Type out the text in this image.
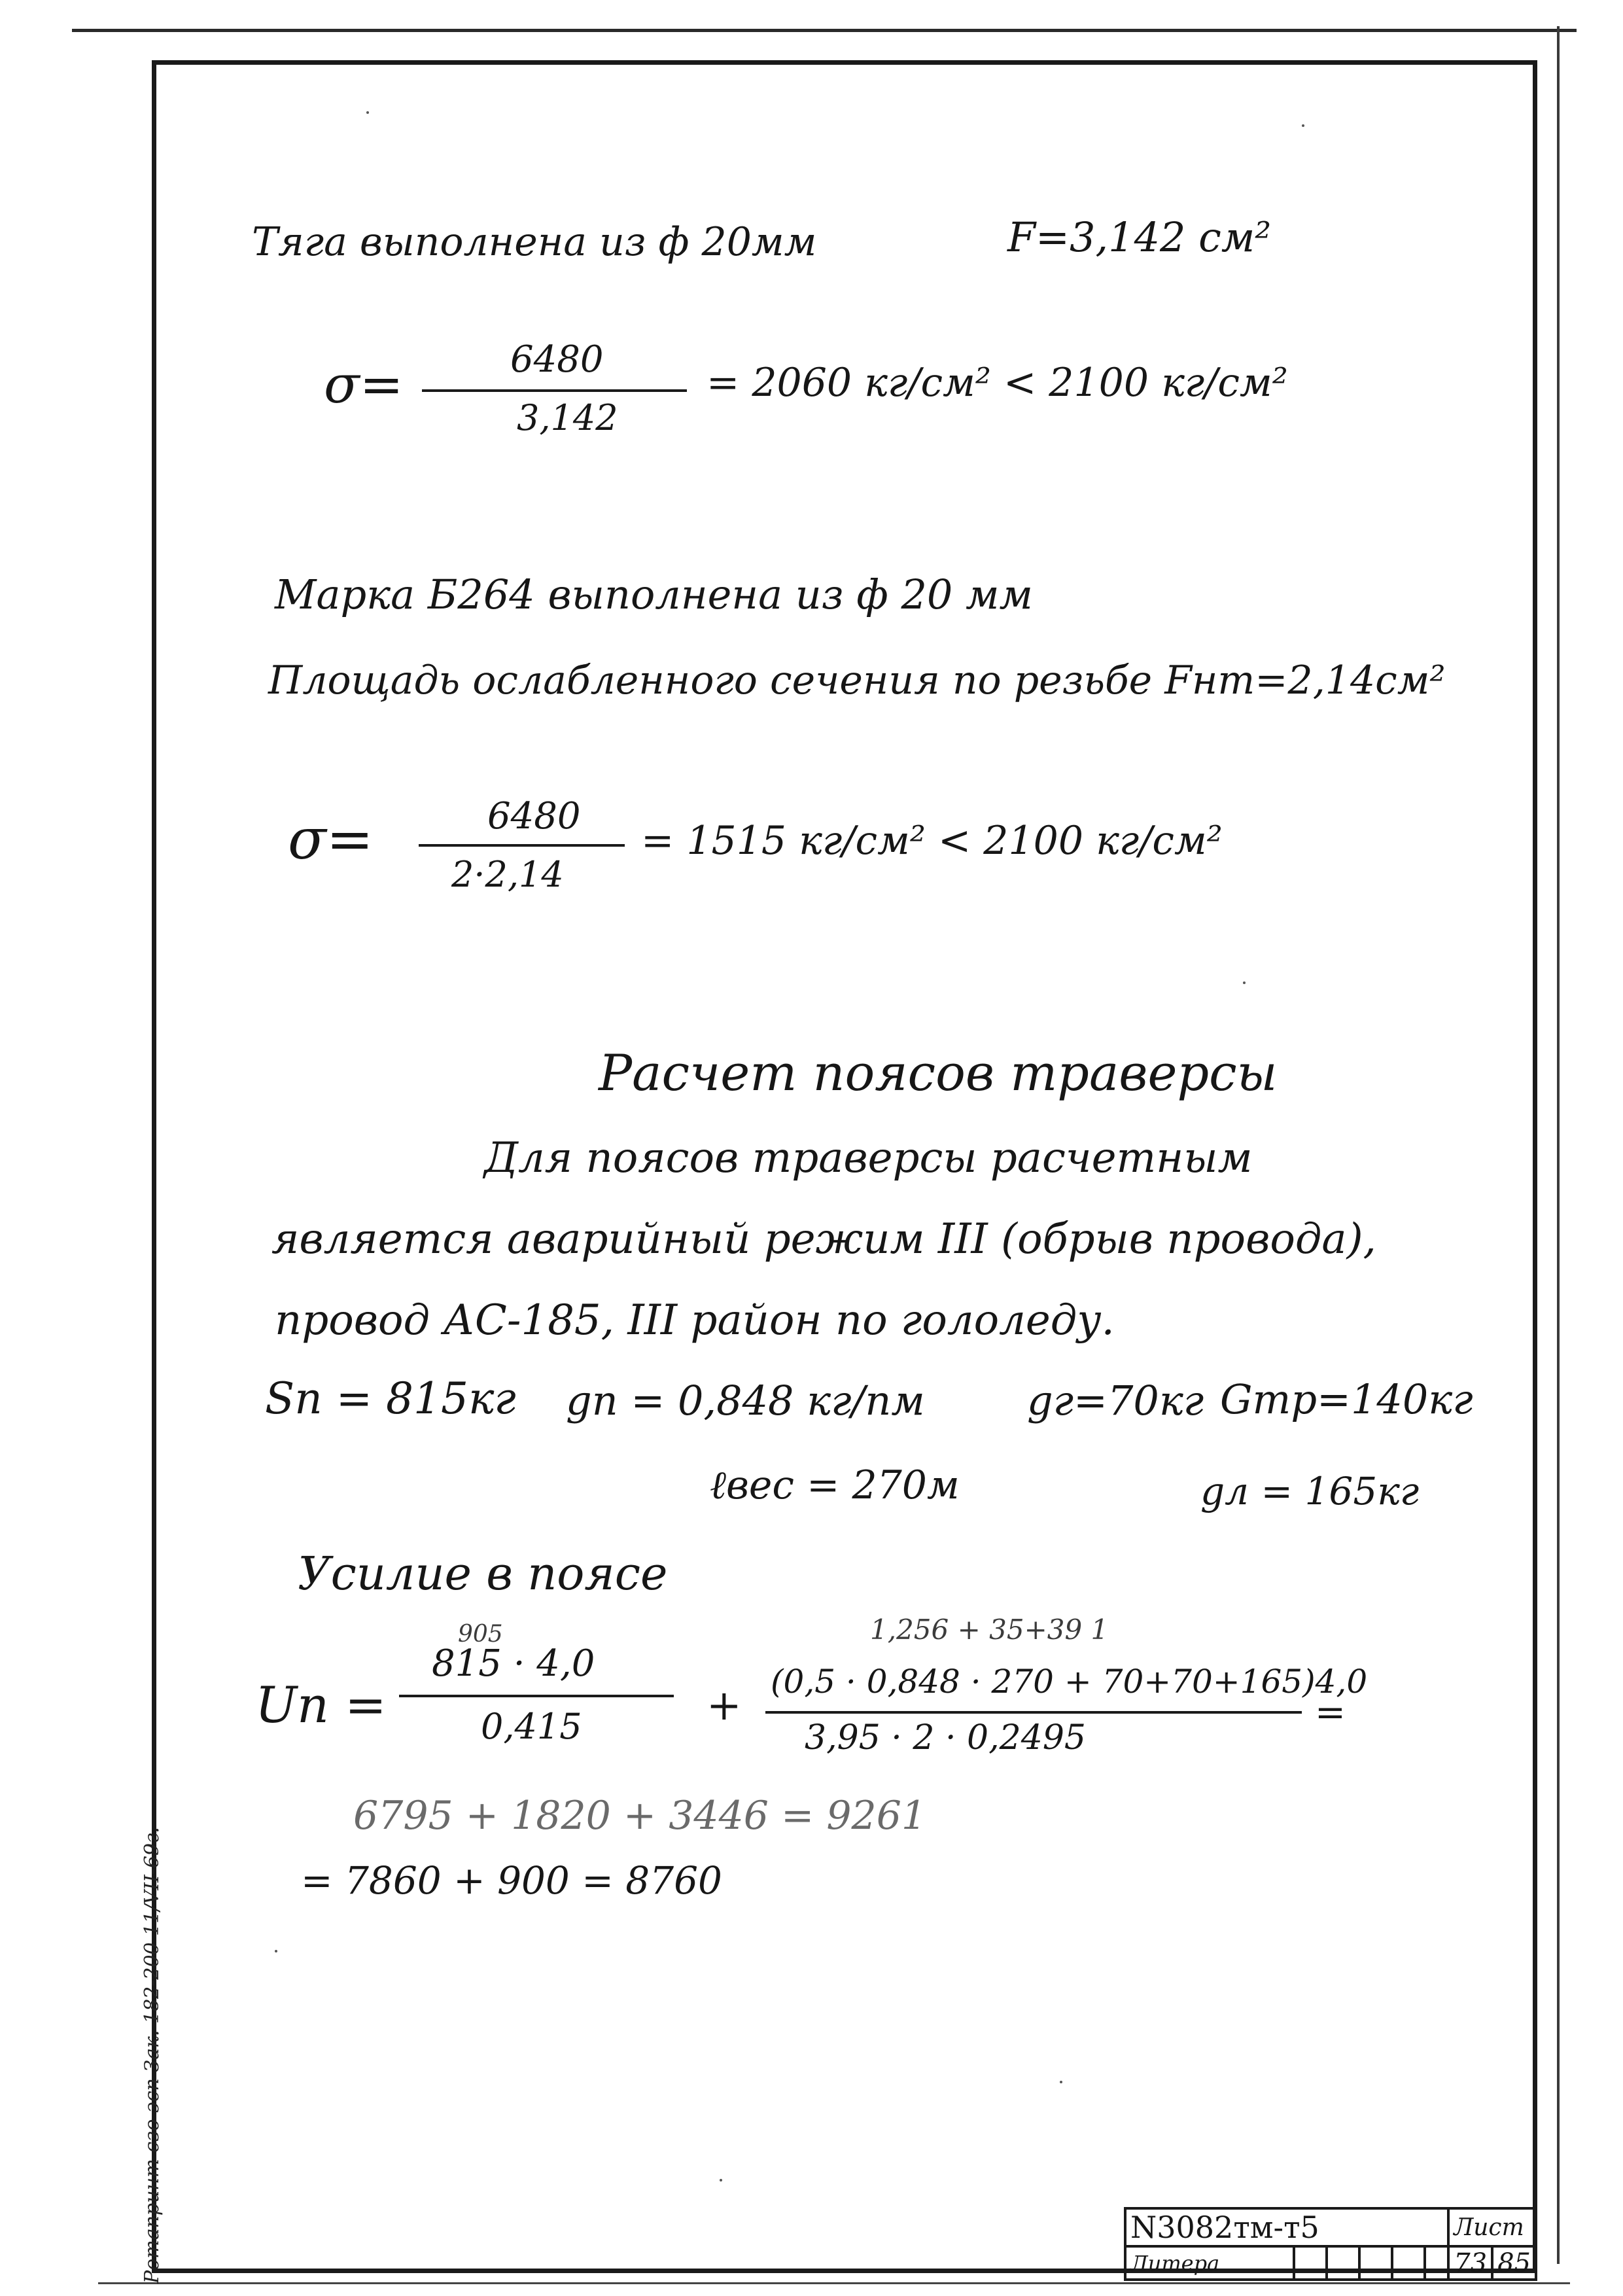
Ротапринт сзо эсп Зак. 182-200 11/VII-69г.
Тяга выполнена из ф 20мм	F=3,142 см²
σ=	6480
3,142
= 2060 кг/см² < 2100 кг/см²
Марка Б264 выполнена из ф 20 мм
Площадь ослабленного сечения по резьбе Fнт=2,14см²
σ=	6480
2·2,14
= 1515 кг/см² < 2100 кг/см²
Расчет поясов траверсы
Для поясов траверсы расчетным
является аварийный режим III (обрыв провода),
провод АС-185, III район по гололеду.
Sп = 815кг gп = 0,848 кг/пм	gг=70кг Gтр=140кг
ℓвес = 270м	gл = 165кг
Усилие в поясе
Uп =
905
815 · 4,0
0,415	+
1,256 + 35+39 1
(0,5 · 0,848 · 270 + 70+70+165)4,0
3,95 · 2 · 0,2495
=
6795 + 1820 + 3446 = 9261
= 7860 + 900 = 8760
N3082тм-т5						Лист	
Литера						73	85
